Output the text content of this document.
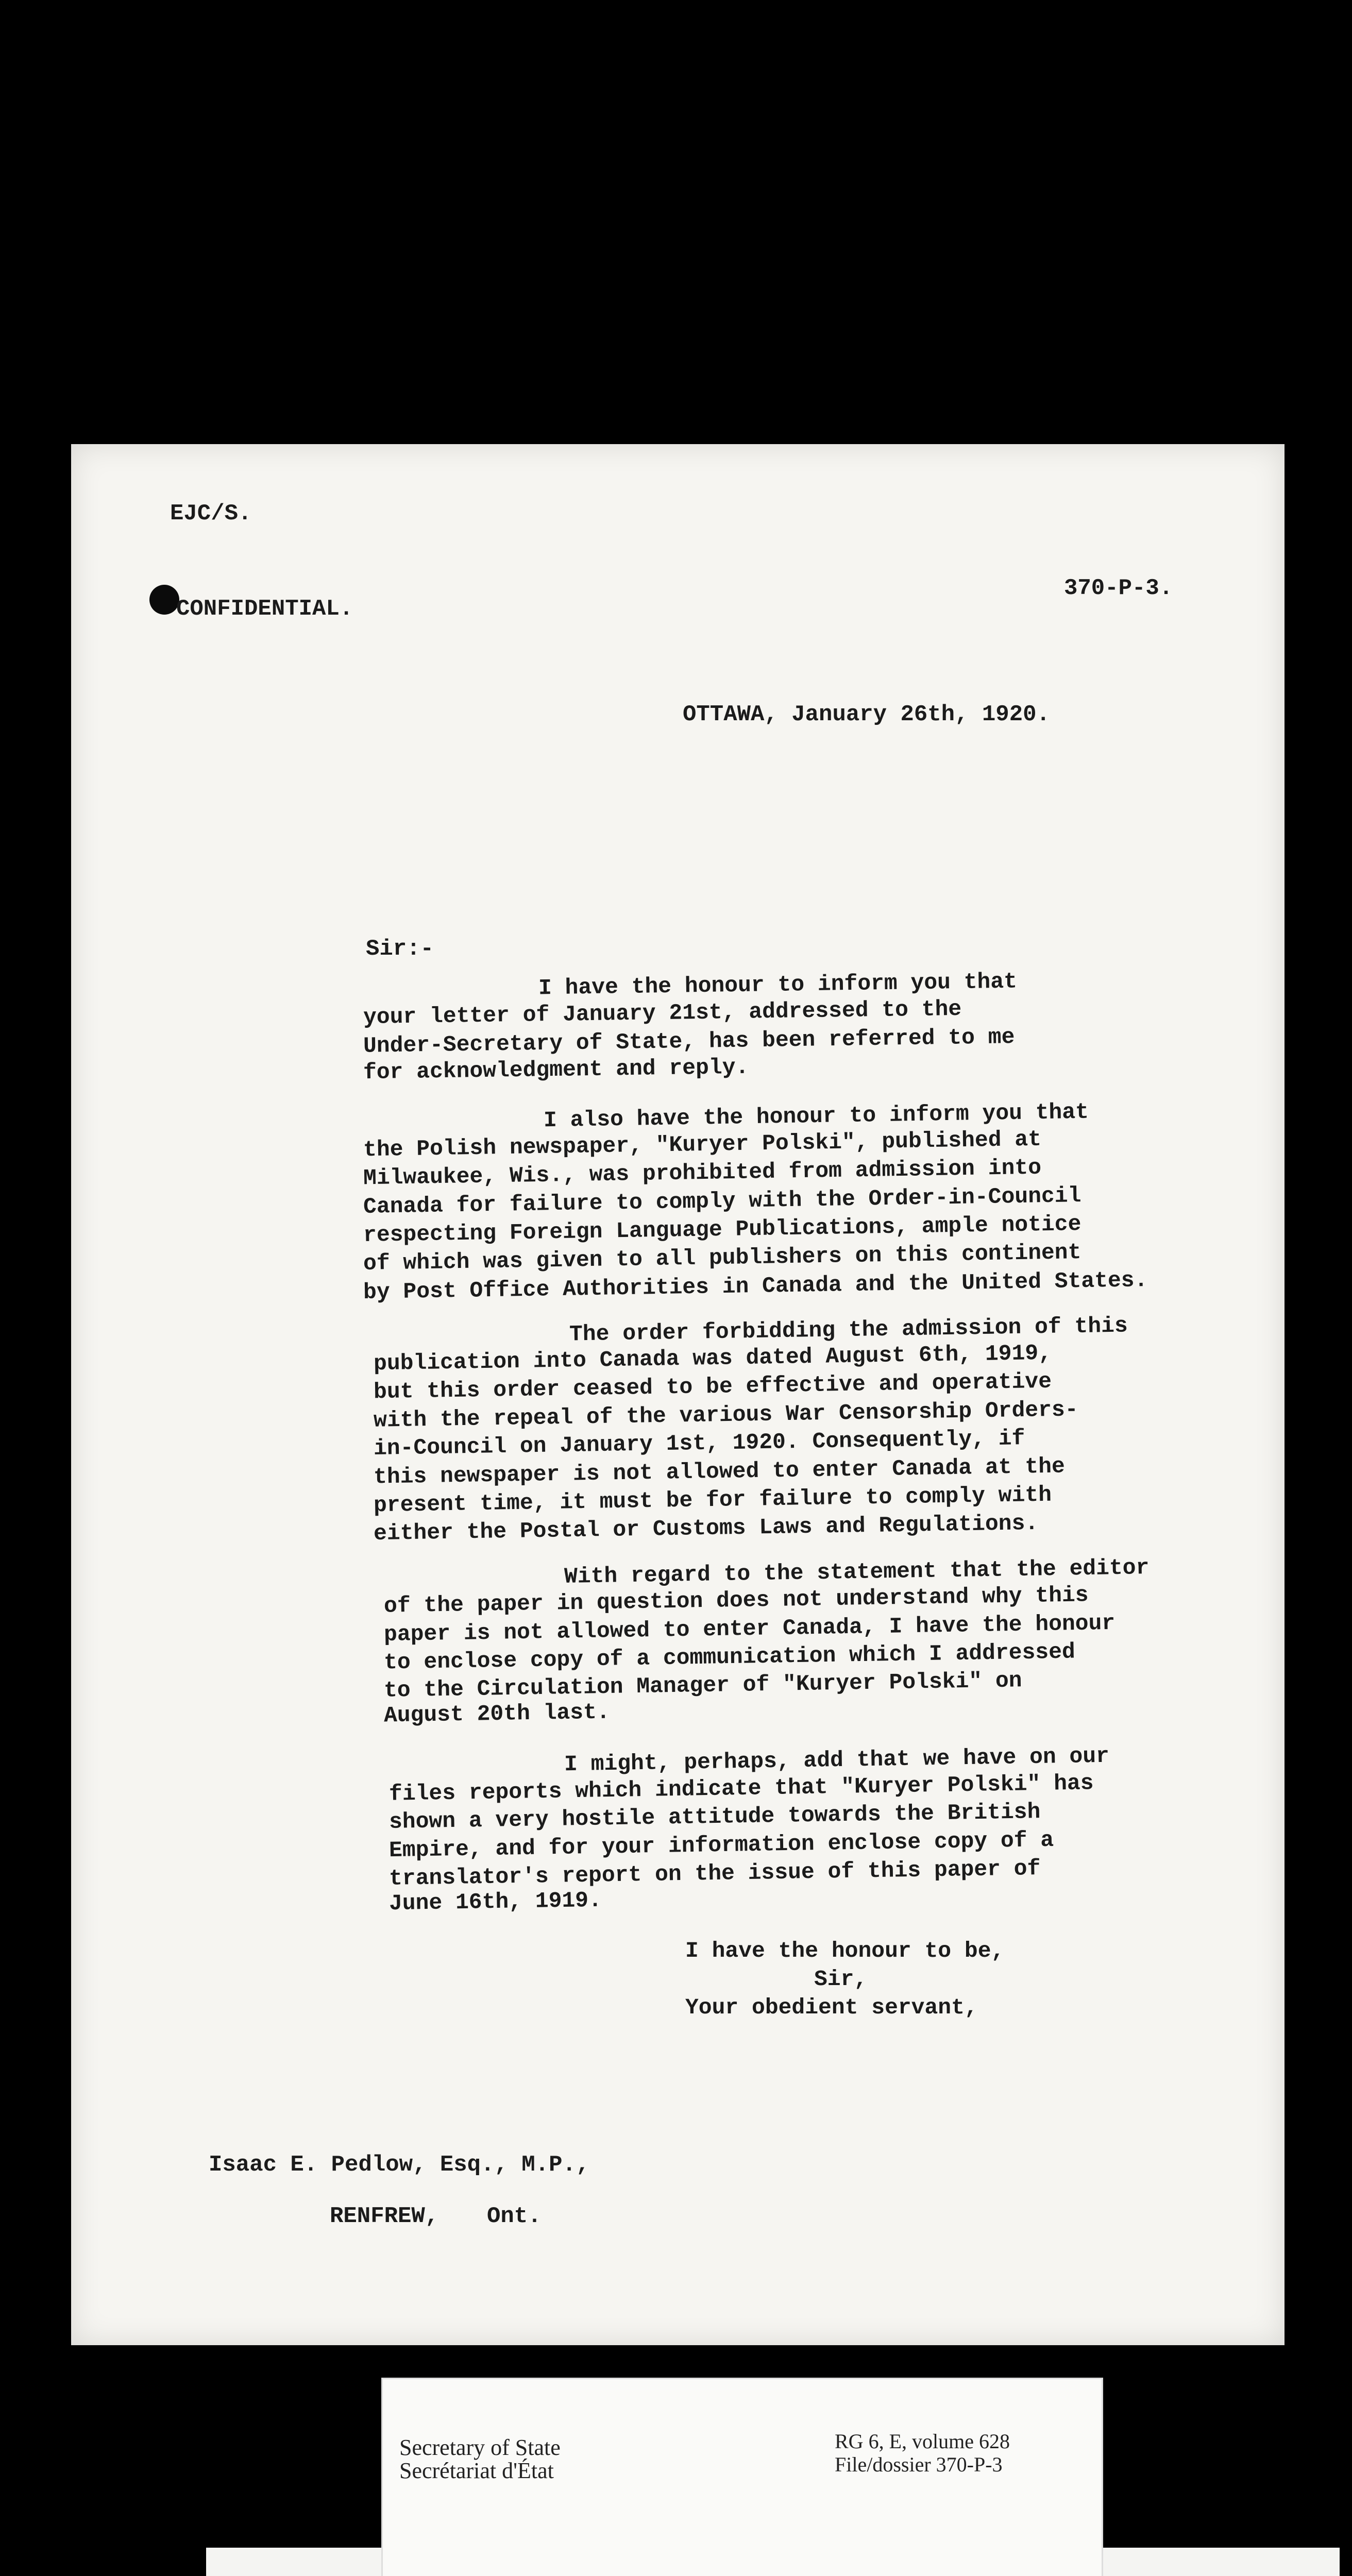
EJC/S.
CONFIDENTIAL.
370-P-3.
OTTAWA, January 26th, 1920.
Sir:-
I have the honour to inform you that
your letter of January 21st, addressed to the
Under-Secretary of State, has been referred to me
for acknowledgment and reply.
I also have the honour to inform you that
the Polish newspaper, "Kuryer Polski", published at
Milwaukee, Wis., was prohibited from admission into
Canada for failure to comply with the Order-in-Council
respecting Foreign Language Publications, ample notice
of which was given to all publishers on this continent
by Post Office Authorities in Canada and the United States.
The order forbidding the admission of this
publication into Canada was dated August 6th, 1919,
but this order ceased to be effective and operative
with the repeal of the various War Censorship Orders-
in-Council on January 1st, 1920. Consequently, if
this newspaper is not allowed to enter Canada at the
present time, it must be for failure to comply with
either the Postal or Customs Laws and Regulations.
With regard to the statement that the editor
of the paper in question does not understand why this
paper is not allowed to enter Canada, I have the honour
to enclose copy of a communication which I addressed
to the Circulation Manager of "Kuryer Polski" on
August 20th last.
I might, perhaps, add that we have on our
files reports which indicate that "Kuryer Polski" has
shown a very hostile attitude towards the British
Empire, and for your information enclose copy of a
translator's report on the issue of this paper of
June 16th, 1919.
I have the honour to be,
Sir,
Your obedient servant,
Isaac E. Pedlow, Esq., M.P.,
RENFREW, Ont.
Secretary of State
Secrétariat d'État
RG 6, E, volume 628
File/dossier 370-P-3
